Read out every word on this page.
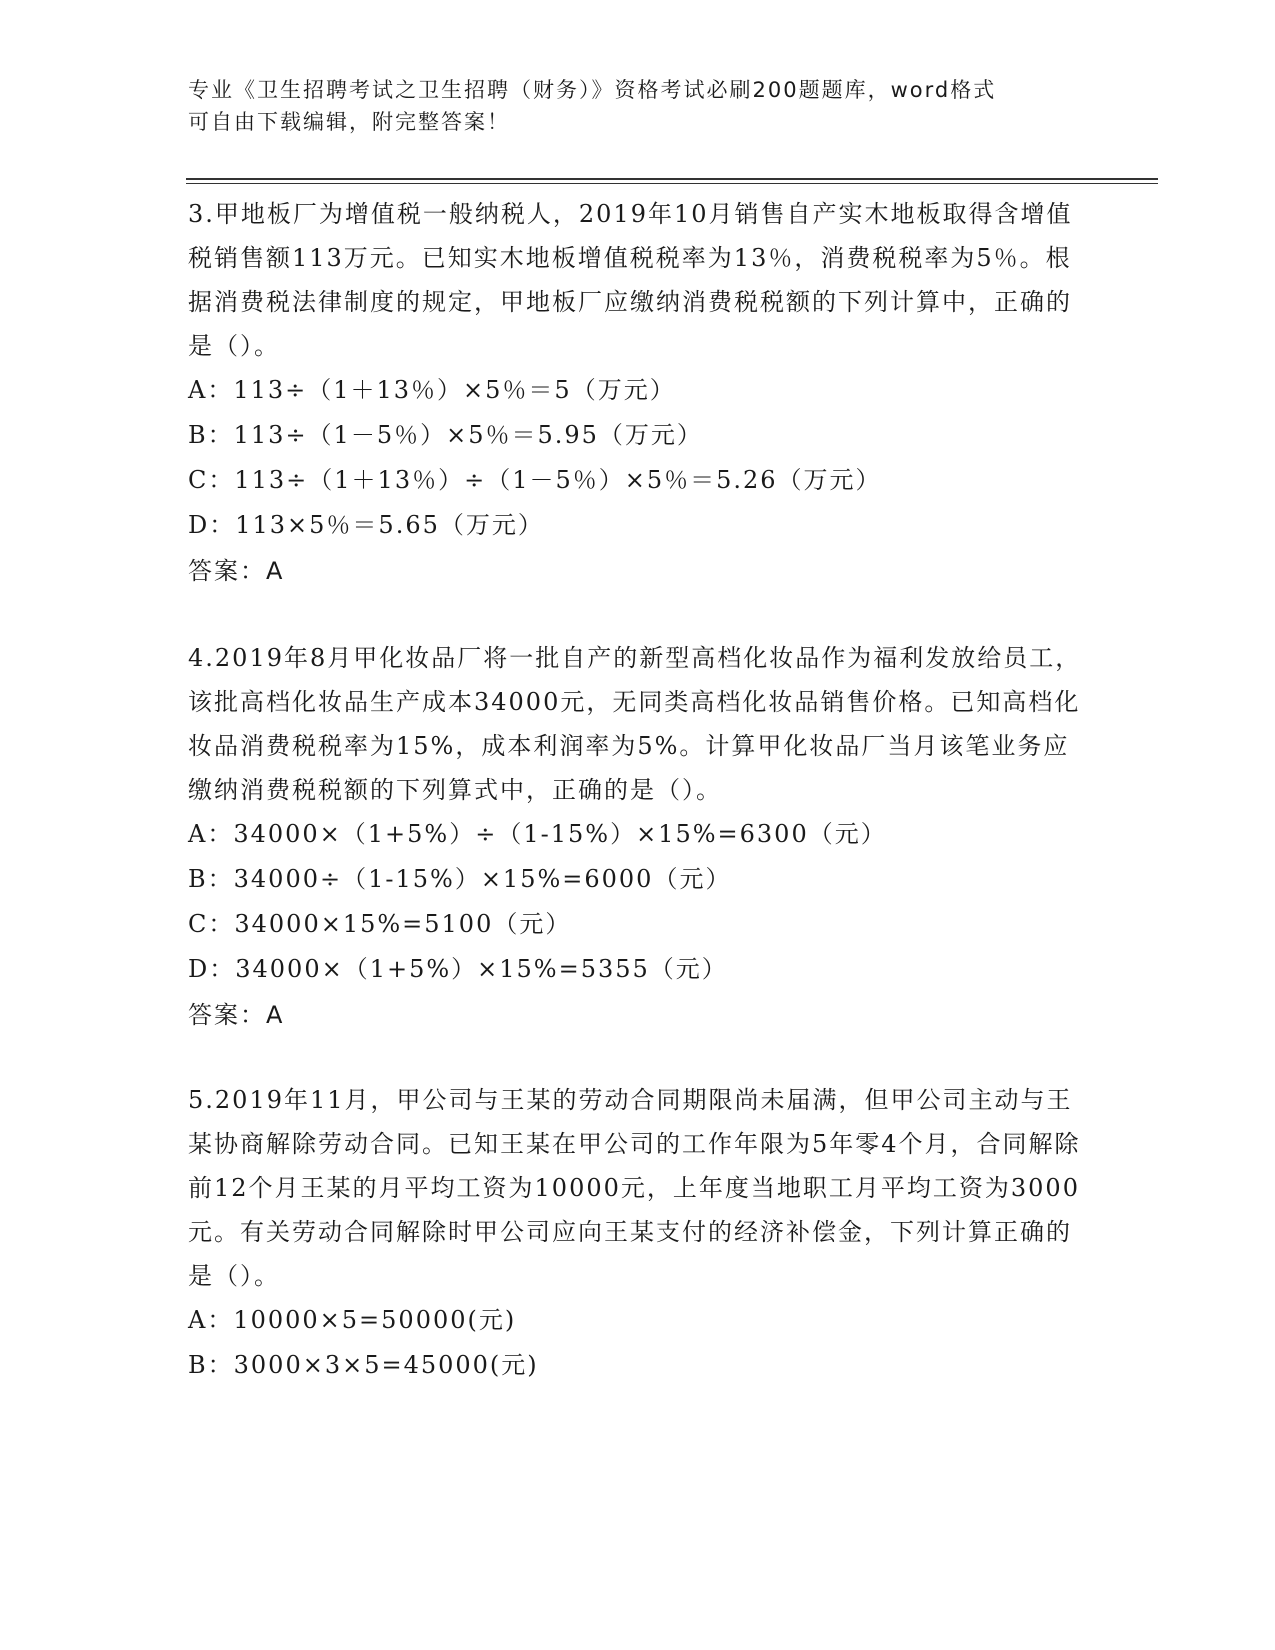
专业《卫生招聘考试之卫生招聘（财务）》资格考试必刷200题题库，word格式
可自由下载编辑，附完整答案！

3.甲地板厂为增值税一般纳税人，2019年10月销售自产实木地板取得含增值税销售额113万元。已知实木地板增值税税率为13％，消费税税率为5％。根据消费税法律制度的规定，甲地板厂应缴纳消费税税额的下列计算中，正确的是（）。

A：113÷（1＋13％）×5％＝5（万元）

B：113÷（1－5％）×5％＝5.95（万元）

C：113÷（1＋13％）÷（1－5％）×5％＝5.26（万元）

D：113×5％＝5.65（万元）

答案：A

4.2019年8月甲化妆品厂将一批自产的新型高档化妆品作为福利发放给员工，该批高档化妆品生产成本34000元，无同类高档化妆品销售价格。已知高档化妆品消费税税率为15%，成本利润率为5%。计算甲化妆品厂当月该笔业务应缴纳消费税税额的下列算式中，正确的是（）。

A：34000×（1+5%）÷（1-15%）×15%=6300（元）

B：34000÷（1-15%）×15%=6000（元）

C：34000×15%=5100（元）

D：34000×（1+5%）×15%=5355（元）

答案：A

5.2019年11月，甲公司与王某的劳动合同期限尚未届满，但甲公司主动与王某协商解除劳动合同。已知王某在甲公司的工作年限为5年零4个月，合同解除前12个月王某的月平均工资为10000元，上年度当地职工月平均工资为3000元。有关劳动合同解除时甲公司应向王某支付的经济补偿金，下列计算正确的是（）。

A：10000×5=50000(元)

B：3000×3×5=45000(元)
